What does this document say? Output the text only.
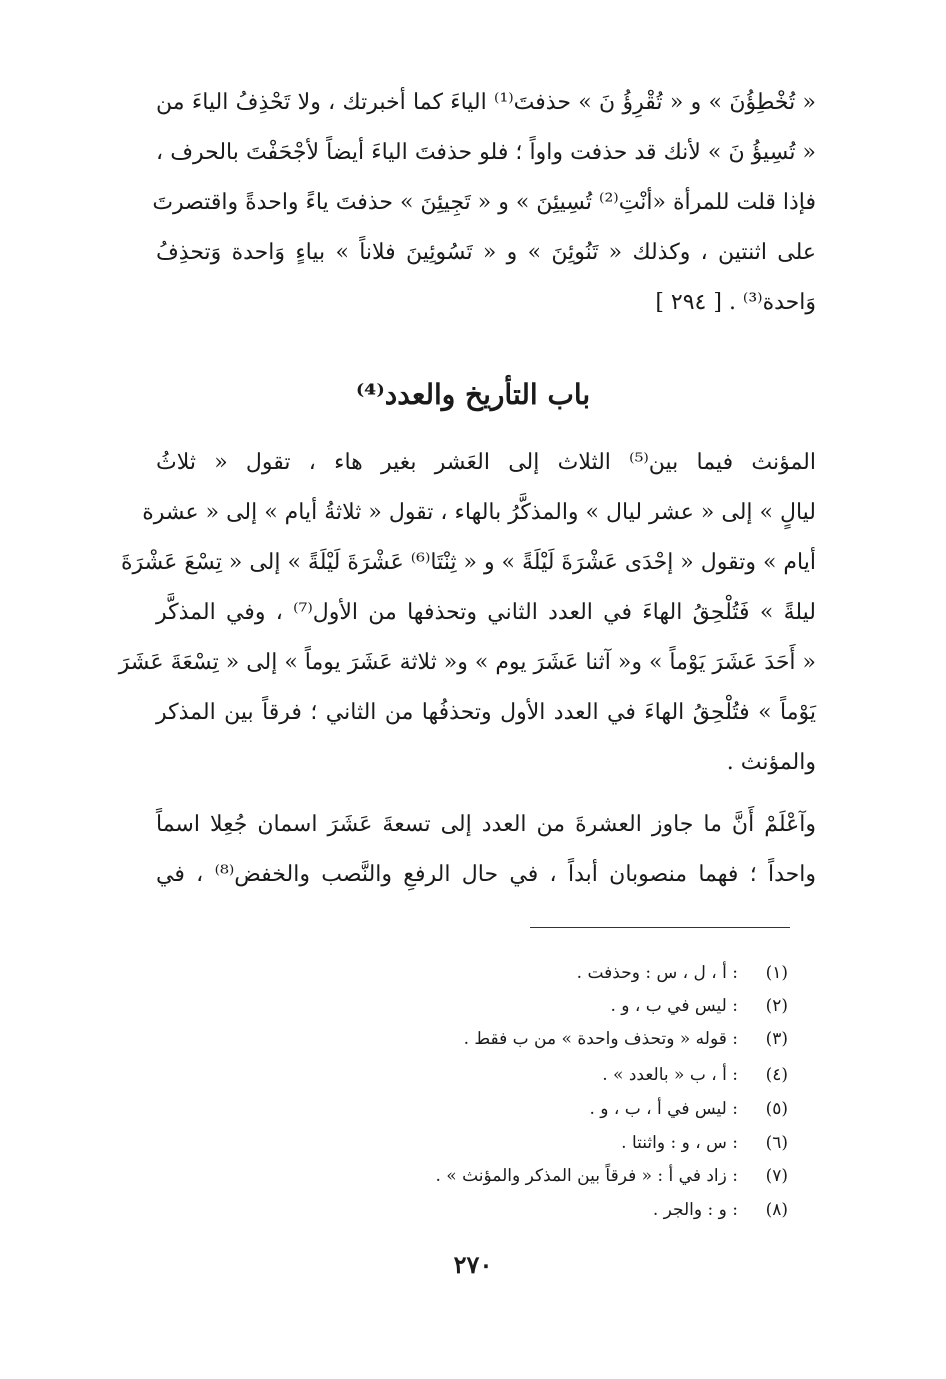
« تُخْطِؤُنَ » و « تُقْرِؤُ نَ » حذفتَ⁽¹⁾ الياءَ كما أخبرتك ، ولا تَحْذِفُ الياءَ من
« تُسِيؤُ نَ » لأنك قد حذفت واواً ؛ فلو حذفتَ الياءَ أيضاً لأجْحَفْتَ بالحرف ،
فإذا قلت للمرأة «أنْتِ⁽²⁾ تُسِيئِنَ » و « تَجِيئِنَ » حذفتَ ياءً واحدةً واقتصرتَ
على اثنتين ، وكذلك « تَنُوئِنَ » و « تَسُوئِينَ فلاناً » بياءٍ وَاحدة وَتحذِفُ
وَاحدة⁽³⁾ . [ ٢٩٤ ]
باب التأريخ والعدد⁽⁴⁾
المؤنث فيما بين⁽⁵⁾ الثلاث إلى العَشر بغير هاء ، تقول « ثلاثُ
ليالٍ » إلى « عشر ليال » والمذكَّرُ بالهاء ، تقول « ثلاثةُ أيام » إلى « عشرة
أيام » وتقول « إحْدَى عَشْرَةَ لَيْلَةً » و « ثِنْتَا⁽⁶⁾ عَشْرَةَ لَيْلَةً » إلى « تِسْعَ عَشْرَةَ
ليلةً » فَتُلْحِقُ الهاءَ في العدد الثاني وتحذفها من الأول⁽⁷⁾ ، وفي المذكَّر
« أَحَدَ عَشَرَ يَوْماً » و« آثنا عَشَرَ يوم » و« ثلاثة عَشَرَ يوماً » إلى « تِسْعَةَ عَشَرَ
يَوْماً » فتُلْحِقُ الهاءَ في العدد الأول وتحذفُها من الثاني ؛ فرقاً بين المذكر
والمؤنث .
وآعْلَمْ أَنَّ ما جاوز العشرةَ من العدد إلى تسعةَ عَشَرَ اسمان جُعِلا اسماً
واحداً ؛ فهما منصوبان أبداً ، في حال الرفعِ والنَّصب والخفض⁽⁸⁾ ، في
(١): أ ، ل ، س : وحذفت .
(٢): ليس في ب ، و .
(٣): قوله « وتحذف واحدة » من ب فقط .
(٤): أ ، ب « بالعدد » .
(٥): ليس في أ ، ب ، و .
(٦): س ، و : واثنتا .
(٧): زاد في أ : « فرقاً بين المذكر والمؤنث » .
(٨): و : والجر .
٢٧٠
